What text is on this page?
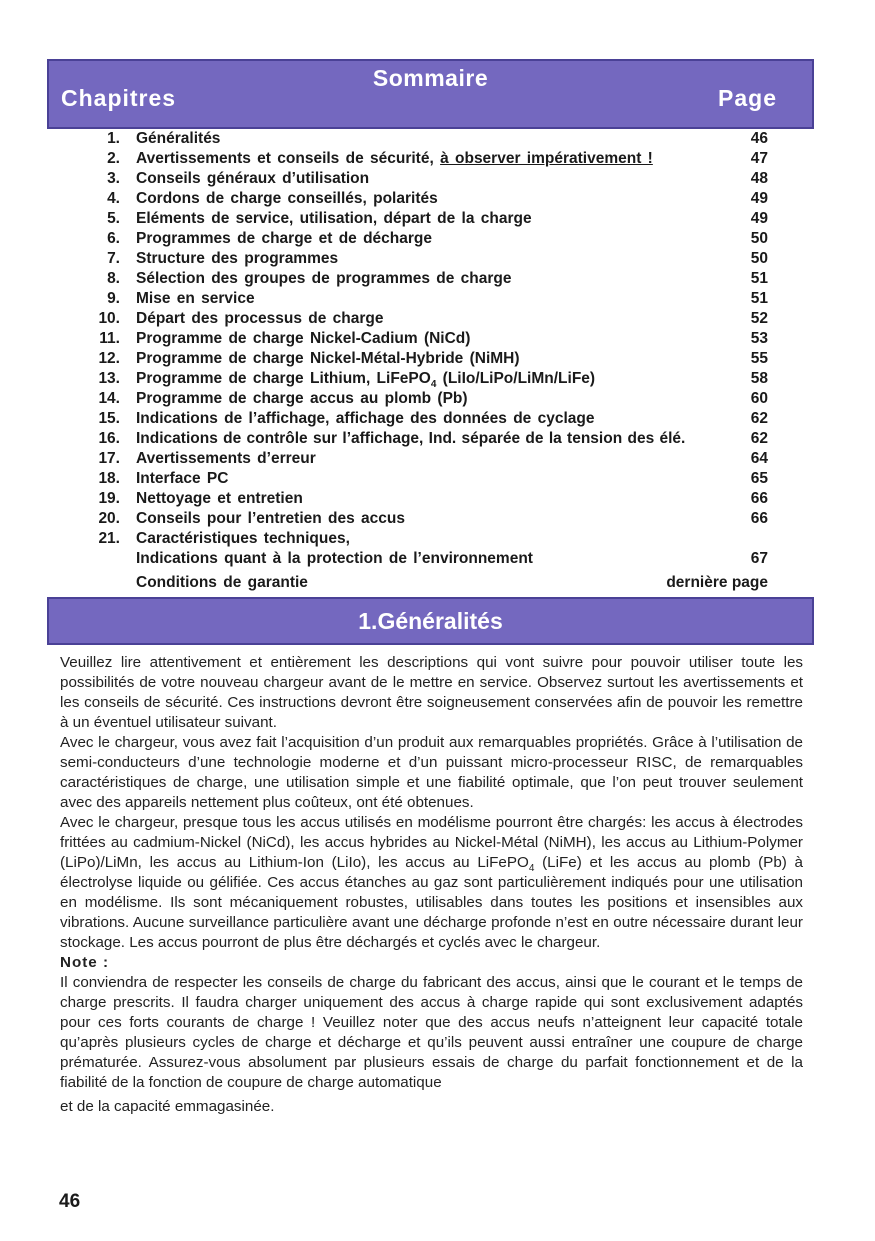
Sommaire
Chapitres	Page
1. Généralités	46
2. Avertissements et conseils de sécurité, à observer impérativement !	47
3. Conseils généraux d’utilisation	48
4. Cordons de charge conseillés, polarités	49
5. Eléments de service, utilisation, départ de la charge	49
6. Programmes de charge et de décharge	50
7. Structure des programmes	50
8. Sélection des groupes de programmes de charge	51
9. Mise en service	51
10. Départ des processus de charge	52
11. Programme de charge Nickel-Cadium (NiCd)	53
12. Programme de charge Nickel-Métal-Hybride (NiMH)	55
13. Programme de charge Lithium, LiFePO$_4$ (LiIo/LiPo/LiMn/LiFe)	58
14. Programme de charge accus au plomb (Pb)	60
15. Indications de l’affichage, affichage des données de cyclage	62
16. Indications de contrôle sur l’affichage, Ind. séparée de la tension des élé.	62
17. Avertissements d’erreur	64
18. Interface PC	65
19. Nettoyage et entretien	66
20. Conseils pour l’entretien des accus	66
21. Caractéristiques techniques,
Indications quant à la protection de l’environnement	67
Conditions de garantie	dernière page
1.Généralités

Veuillez lire attentivement et entièrement les descriptions qui vont suivre pour pouvoir utiliser toute les possibilités de votre nouveau chargeur avant de le mettre en service. Observez surtout les avertissements et les conseils de sécurité. Ces instructions devront être soigneusement conservées afin de pouvoir les remettre à un éventuel utilisateur suivant.

Avec le chargeur, vous avez fait l’acquisition d’un produit aux remarquables propriétés. Grâce à l’utilisation de semi-conducteurs d’une technologie moderne et d’un puissant micro-processeur RISC, de remarquables caractéristiques de charge, une utilisation simple et une fiabilité optimale, que l’on peut trouver seulement avec des appareils nettement plus coûteux, ont été obtenues.

Avec le chargeur, presque tous les accus utilisés en modélisme pourront être chargés: les accus à électrodes frittées au cadmium-Nickel (NiCd), les accus hybrides au Nickel-Métal (NiMH), les accus au Lithium-Polymer (LiPo)/LiMn, les accus au Lithium-Ion (LiIo), les accus au LiFePO$_4$ (LiFe) et les accus au plomb (Pb) à électrolyse liquide ou gélifiée. Ces accus étanches au gaz sont particulièrement indiqués pour une utilisation en modélisme. Ils sont mécaniquement robustes, utilisables dans toutes les positions et insensibles aux vibrations. Aucune surveillance particulière avant une décharge profonde n’est en outre nécessaire durant leur stockage. Les accus pourront de plus être déchargés et cyclés avec le chargeur.

Note :

Il conviendra de respecter les conseils de charge du fabricant des accus, ainsi que le courant et le temps de charge prescrits. Il faudra charger uniquement des accus à charge rapide qui sont exclusivement adaptés pour ces forts courants de charge ! Veuillez noter que des accus neufs n’atteignent leur capacité totale qu’après plusieurs cycles de charge et décharge et qu’ils peuvent aussi entraîner une coupure de charge prématurée. Assurez-vous absolument par plusieurs essais de charge du parfait fonctionnement et de la fiabilité de la fonction de coupure de charge automatique

et de la capacité emmagasinée.

46
